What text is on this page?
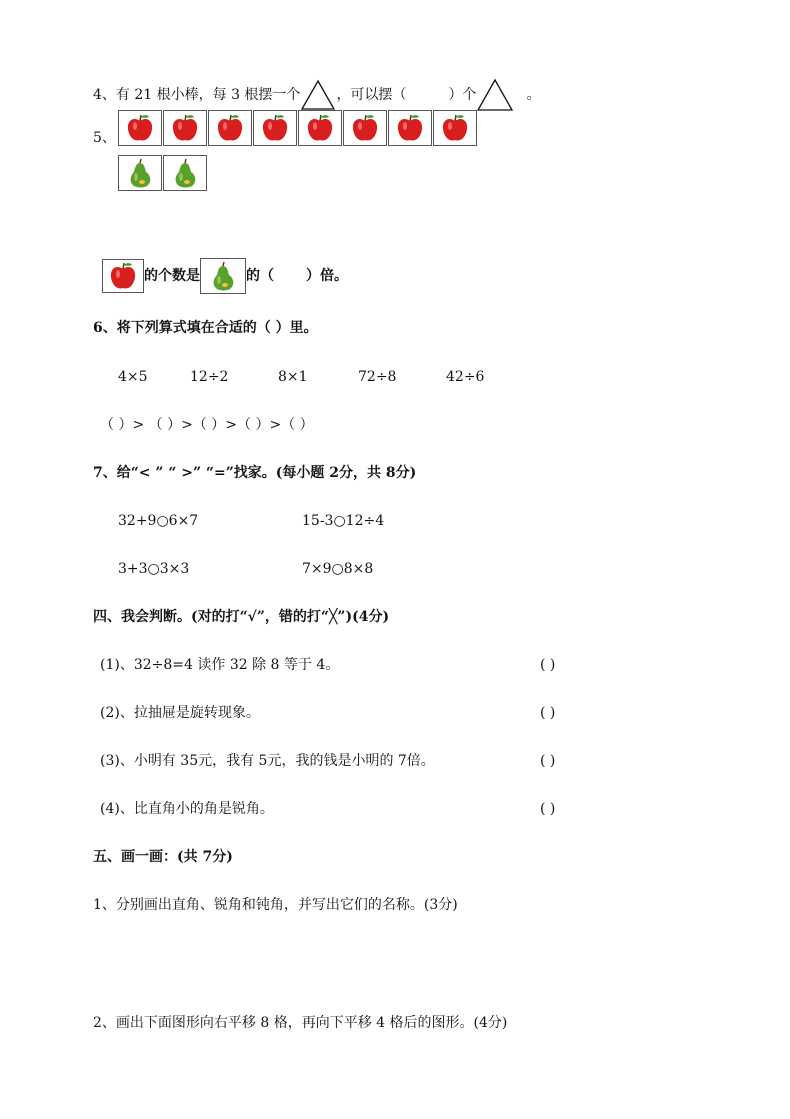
4、有 21 根小棒，每 3 根摆一个	，可以摆（	）个	。
5、
的个数是	的（ ）倍。
6、将下列算式填在合适的（ ）里。
4×5	12÷2	8×1	72÷8	42÷6
（ ）> （ ）>（ ）>（ ）>（ ）
7、给“< ” “ >” “=”找家。(每小题 2分，共 8分)
32+9○6×7	15-3○12÷4
3+3○3×3	7×9○8×8
四、我会判断。(对的打“√”，错的打“╳”)(4分)
(1)、32÷8=4 读作 32 除 8 等于 4。	( )
(2)、拉抽屉是旋转现象。	( )
(3)、小明有 35元，我有 5元，我的钱是小明的 7倍。	( )
(4)、比直角小的角是锐角。	( )
五、画一画：(共 7分)
1、分别画出直角、锐角和钝角，并写出它们的名称。(3分)
2、画出下面图形向右平移 8 格，再向下平移 4 格后的图形。(4分)
